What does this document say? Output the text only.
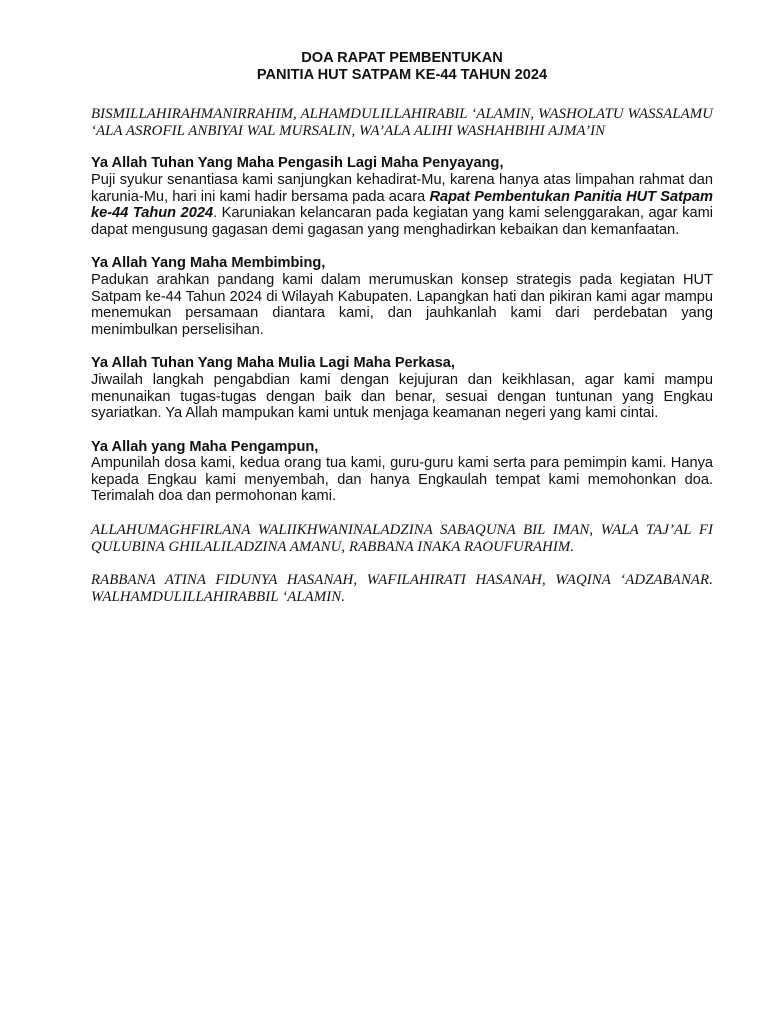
DOA RAPAT PEMBENTUKAN
PANITIA HUT SATPAM KE-44 TAHUN 2024
BISMILLAHIRAHMANIRRAHIM, ALHAMDULILLAHIRABIL ‘ALAMIN, WASHOLATU WASSALAMU ‘ALA ASROFIL ANBIYAI WAL MURSALIN, WA’ALA ALIHI WASHAHBIHI AJMA’IN
Ya Allah Tuhan Yang Maha Pengasih Lagi Maha Penyayang,
Puji syukur senantiasa kami sanjungkan kehadirat-Mu, karena hanya atas limpahan rahmat dan karunia-Mu, hari ini kami hadir bersama pada acara Rapat Pembentukan Panitia HUT Satpam ke-44 Tahun 2024. Karuniakan kelancaran pada kegiatan yang kami selenggarakan, agar kami dapat mengusung gagasan demi gagasan yang menghadirkan kebaikan dan kemanfaatan.
Ya Allah Yang Maha Membimbing,
Padukan arahkan pandang kami dalam merumuskan konsep strategis pada kegiatan HUT Satpam ke-44 Tahun 2024 di Wilayah Kabupaten. Lapangkan hati dan pikiran kami agar mampu menemukan persamaan diantara kami, dan jauhkanlah kami dari perdebatan yang menimbulkan perselisihan.
Ya Allah Tuhan Yang Maha Mulia Lagi Maha Perkasa,
Jiwailah langkah pengabdian kami dengan kejujuran dan keikhlasan, agar kami mampu menunaikan tugas-tugas dengan baik dan benar, sesuai dengan tuntunan yang Engkau syariatkan. Ya Allah mampukan kami untuk menjaga keamanan negeri yang kami cintai.
Ya Allah yang Maha Pengampun,
Ampunilah dosa kami, kedua orang tua kami, guru-guru kami serta para pemimpin kami. Hanya kepada Engkau kami menyembah, dan hanya Engkaulah tempat kami memohonkan doa. Terimalah doa dan permohonan kami.
ALLAHUMAGHFIRLANA WALIIKHWANINALADZINA SABAQUNA BIL IMAN, WALA TAJ’AL FI QULUBINA GHILALILADZINA AMANU, RABBANA INAKA RAOUFURAHIM.
RABBANA ATINA FIDUNYA HASANAH, WAFILAHIRATI HASANAH, WAQINA ‘ADZABANAR. WALHAMDULILLAHIRABBIL ‘ALAMIN.
